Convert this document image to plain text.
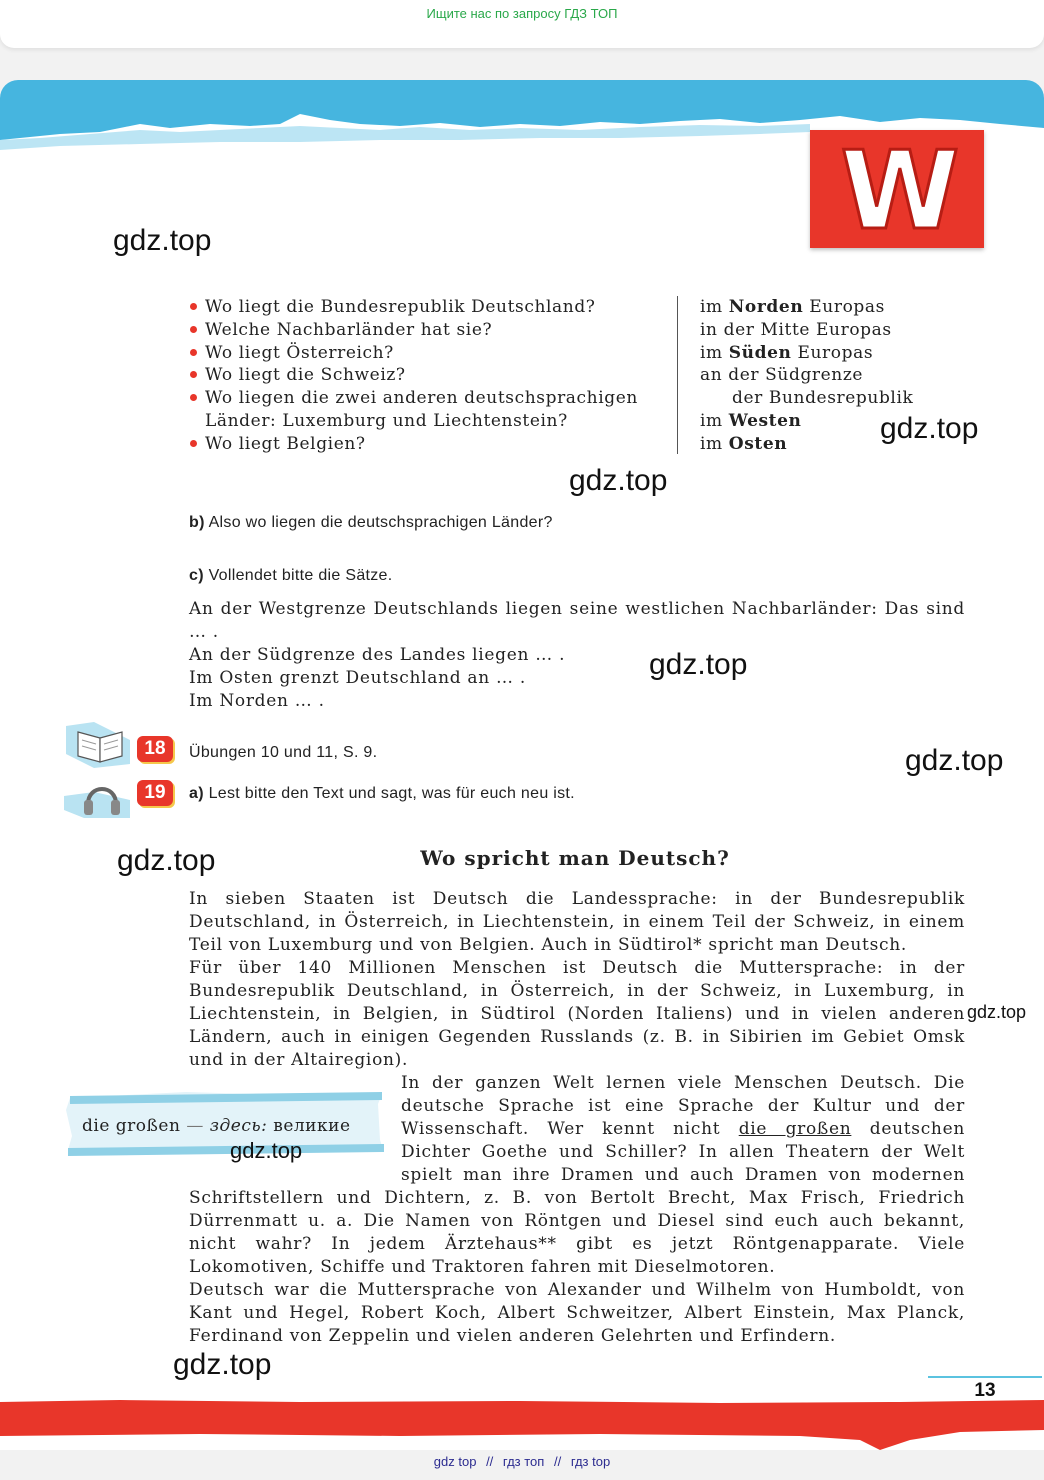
Ищите нас по запросу ГДЗ ТОП
W
Wo liegt die Bundesrepublik Deutschland?
Welche Nachbarländer hat sie?
Wo liegt Österreich?
Wo liegt die Schweiz?
Wo liegen die zwei anderen deutschsprachigen Länder: Luxemburg und Liechtenstein?
Wo liegt Belgien?
im Norden Europas
in der Mitte Europas
im Süden Europas
an der Südgrenze
der Bundesrepublik
im Westen
im Osten
b) Also wo liegen die deutschsprachigen Länder?
c) Vollendet bitte die Sätze.

An der Westgrenze Deutschlands liegen seine westlichen Nachbarländer: Das sind … .

An der Südgrenze des Landes liegen … .

Im Osten grenzt Deutschland an … .

Im Norden … .

18	Übungen 10 und 11, S. 9.
19	a) Lest bitte den Text und sagt, was für euch neu ist.
Wo spricht man Deutsch?

In sieben Staaten ist Deutsch die Landessprache: in der Bundesrepublik Deutschland, in Österreich, in Liechtenstein, in einem Teil der Schweiz, in einem Teil von Luxemburg und von Belgien. Auch in Südtirol* spricht man Deutsch.

Für über 140 Millionen Menschen ist Deutsch die Muttersprache: in der Bundesrepublik Deutschland, in Österreich, in der Schweiz, in Luxemburg, in Liechtenstein, in Belgien, in Südtirol (Norden Italiens) und in vielen anderen Ländern, auch in einigen Gegenden Russlands (z. B. in Sibirien im Gebiet Omsk und in der Altairegion).

In der ganzen Welt lernen viele Menschen Deutsch. Die deutsche Sprache ist eine Sprache der Kultur und der Wissenschaft. Wer kennt nicht die großen deutschen Dichter Goethe und Schiller? In allen Theatern der Welt spielt man ihre Dramen und auch Dramen von modernen Schriftstellern und Dichtern, z. B. von Bertolt Brecht, Max Frisch, Friedrich Dürrenmatt u. a. Die Namen von Röntgen und Diesel sind euch auch bekannt, nicht wahr? In jedem Ärztehaus** gibt es jetzt Röntgenapparate. Viele Lokomotiven, Schiffe und Traktoren fahren mit Dieselmotoren.

Deutsch war die Muttersprache von Alexander und Wilhelm von Humboldt, von Kant und Hegel, Robert Koch, Albert Schweitzer, Albert Einstein, Max Planck, Ferdinand von Zeppelin und vielen anderen Gelehrten und Erfindern.

die großen — здесь: великие
13
gdz.top
gdz.top
gdz.top
gdz.top
gdz.top
gdz.top
gdz.top
gdz.top
gdz.top
gdz top // гдз топ // гдз top
